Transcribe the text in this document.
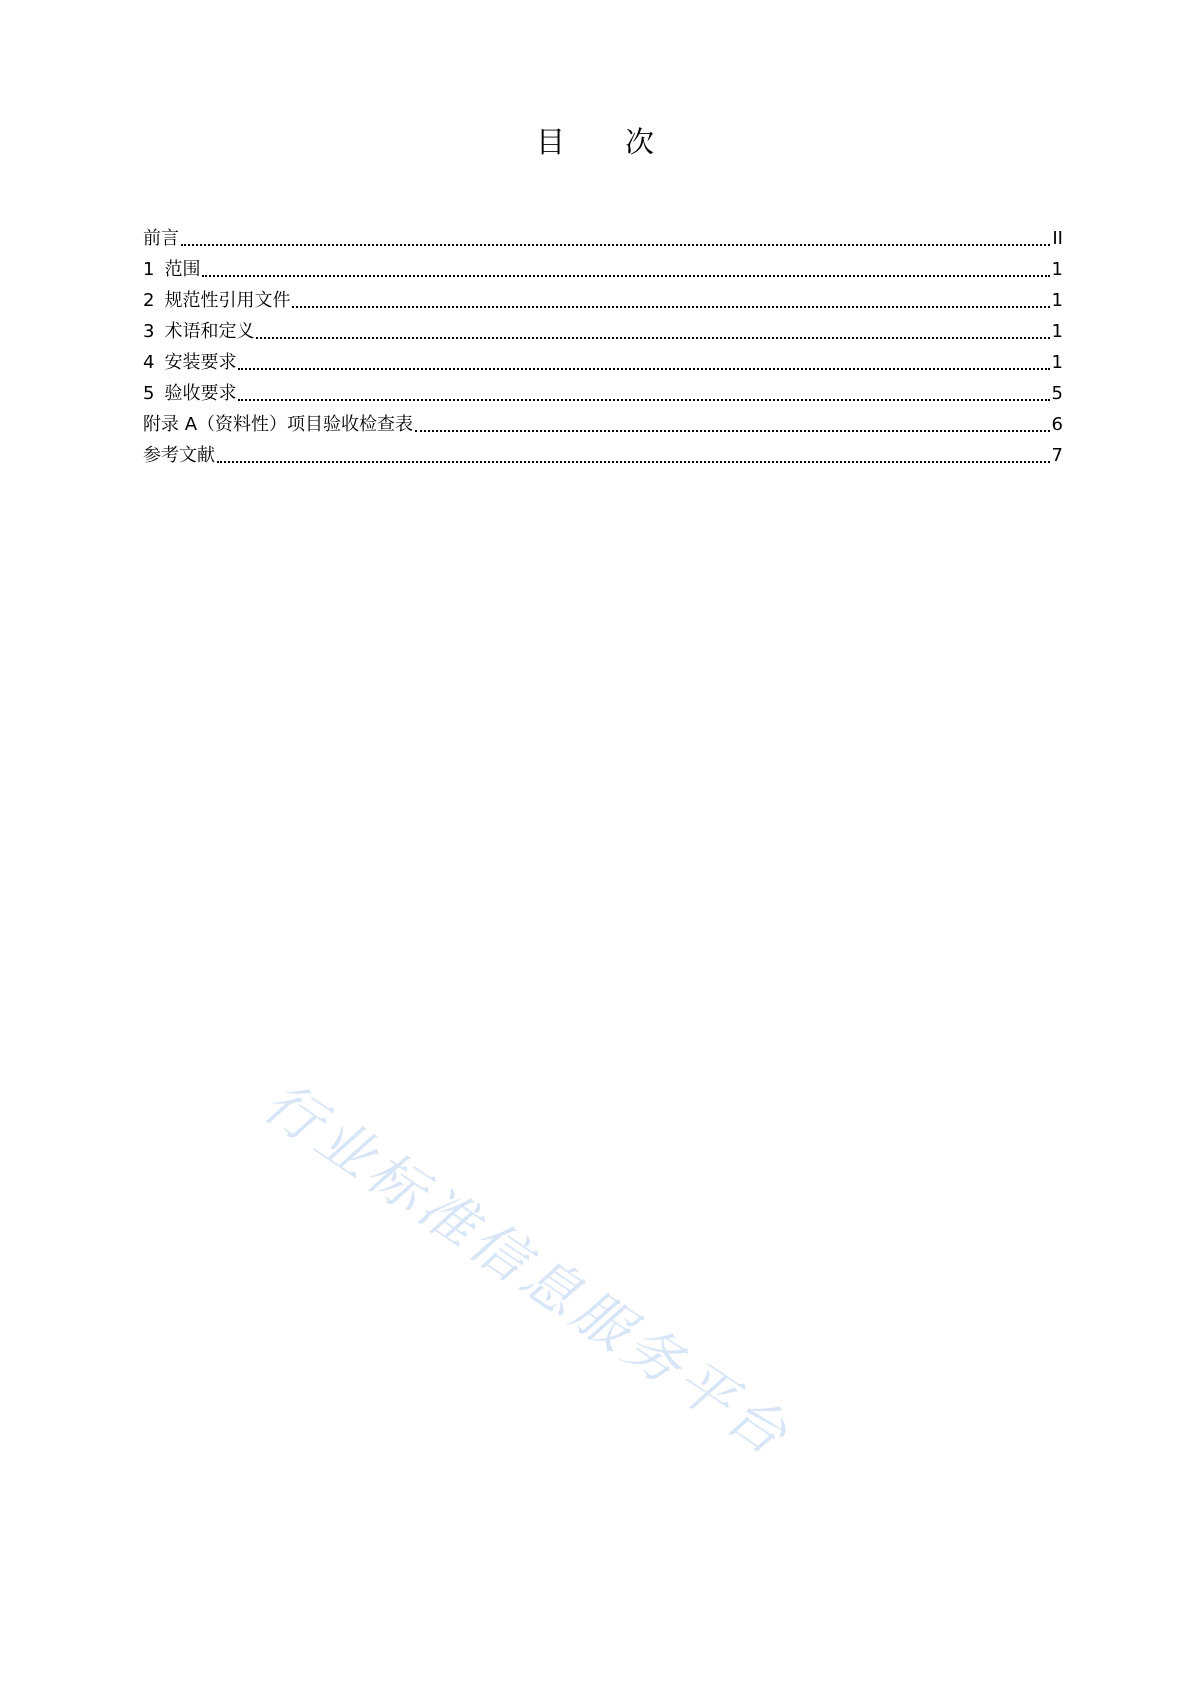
目 次
前言	II
1 范围	1
2 规范性引用文件	1
3 术语和定义	1
4 安装要求	1
5 验收要求	5
附录 A（资料性）项目验收检查表	6
参考文献	7
行业标准信息服务平台
